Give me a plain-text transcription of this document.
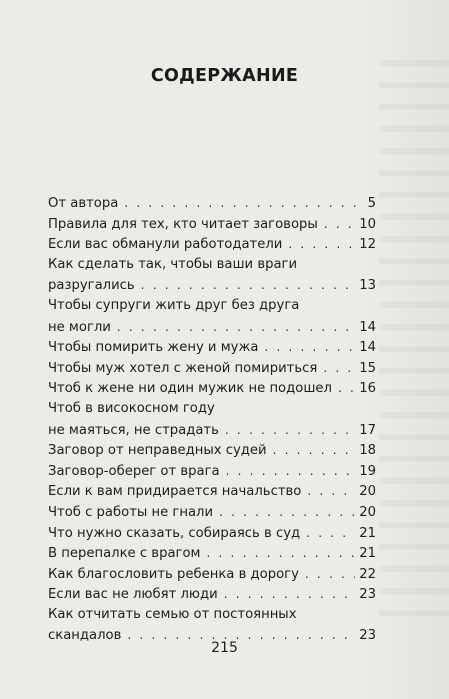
СОДЕРЖАНИЕ
От автора . . .	5
Правила для тех, кто читает заговоры . . .	10
Если вас обманули работодатели . . .	12
Как сделать так, чтобы ваши враги
разругались . . .	13
Чтобы супруги жить друг без друга
не могли . . .	14
Чтобы помирить жену и мужа . . .	14
Чтобы муж хотел с женой помириться . . .	15
Чтоб к жене ни один мужик не подошел . . . 16
Чтоб в високосном году
не маяться, не страдать . . .	17
Заговор от неправедных судей . . .	18
Заговор-оберег от врага . . .	19
Если к вам придирается начальство . . .	20
Чтоб с работы не гнали . . .	20
Что нужно сказать, собираясь в суд . . .	21
В перепалке с врагом . . .	21
Как благословить ребенка в дорогу . . .	22
Если вас не любят люди . . .	23
Как отчитать семью от постоянных
скандалов . . .	23
215
